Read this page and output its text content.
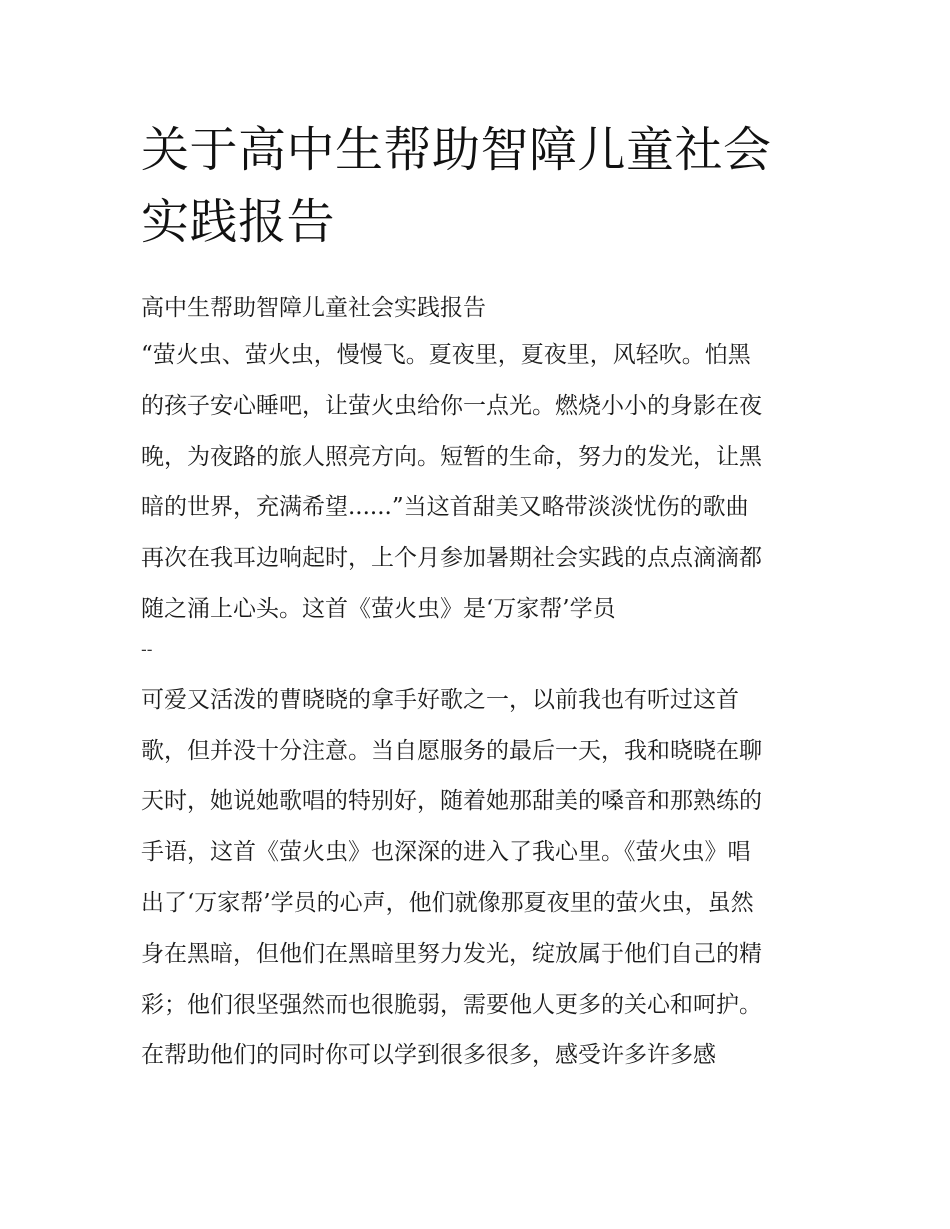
关于高中生帮助智障儿童社会
实践报告
高中生帮助智障儿童社会实践报告
“萤火虫、萤火虫，慢慢飞。夏夜里，夏夜里，风轻吹。怕黑
的孩子安心睡吧，让萤火虫给你一点光。燃烧小小的身影在夜
晚，为夜路的旅人照亮方向。短暂的生命，努力的发光，让黑
暗的世界，充满希望......”当这首甜美又略带淡淡忧伤的歌曲
再次在我耳边响起时，上个月参加暑期社会实践的点点滴滴都
随之涌上心头。这首《萤火虫》是‘万家帮’学员
--
可爱又活泼的曹晓晓的拿手好歌之一，以前我也有听过这首
歌，但并没十分注意。当自愿服务的最后一天，我和晓晓在聊
天时，她说她歌唱的特别好，随着她那甜美的嗓音和那熟练的
手语，这首《萤火虫》也深深的进入了我心里。《萤火虫》唱
出了‘万家帮’学员的心声，他们就像那夏夜里的萤火虫，虽然
身在黑暗，但他们在黑暗里努力发光，绽放属于他们自己的精
彩；他们很坚强然而也很脆弱，需要他人更多的关心和呵护。
在帮助他们的同时你可以学到很多很多，感受许多许多感
